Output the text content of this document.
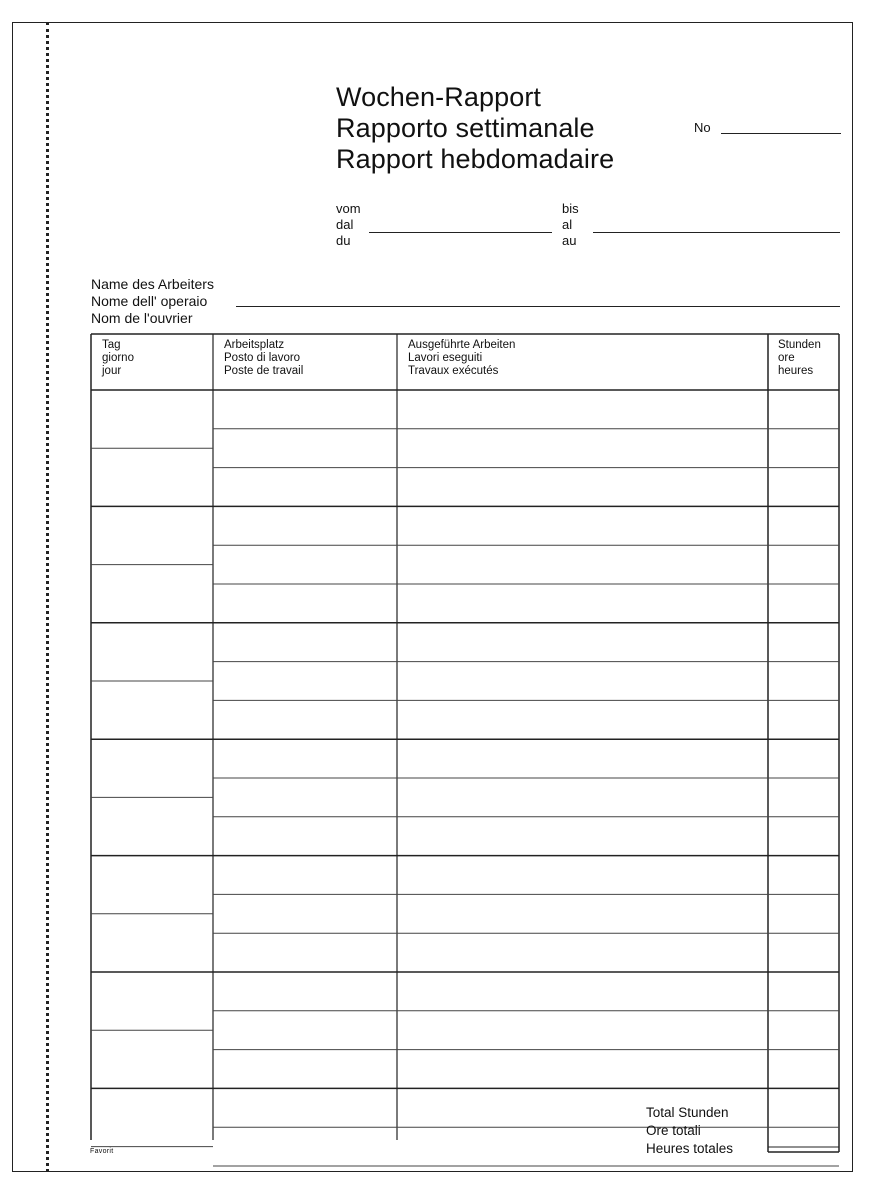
Wochen-Rapport
Rapporto settimanale
Rapport hebdomadaire
No
vom
dal
du
bis
al
au
Name des Arbeiters
Nome dell' operaio
Nom de l'ouvrier
Tag
giorno
jour
Arbeitsplatz
Posto di lavoro
Poste de travail
Ausgeführte Arbeiten
Lavori eseguiti
Travaux exécutés
Stunden
ore
heures
Total Stunden
Ore totali
Heures totales
Favorit
